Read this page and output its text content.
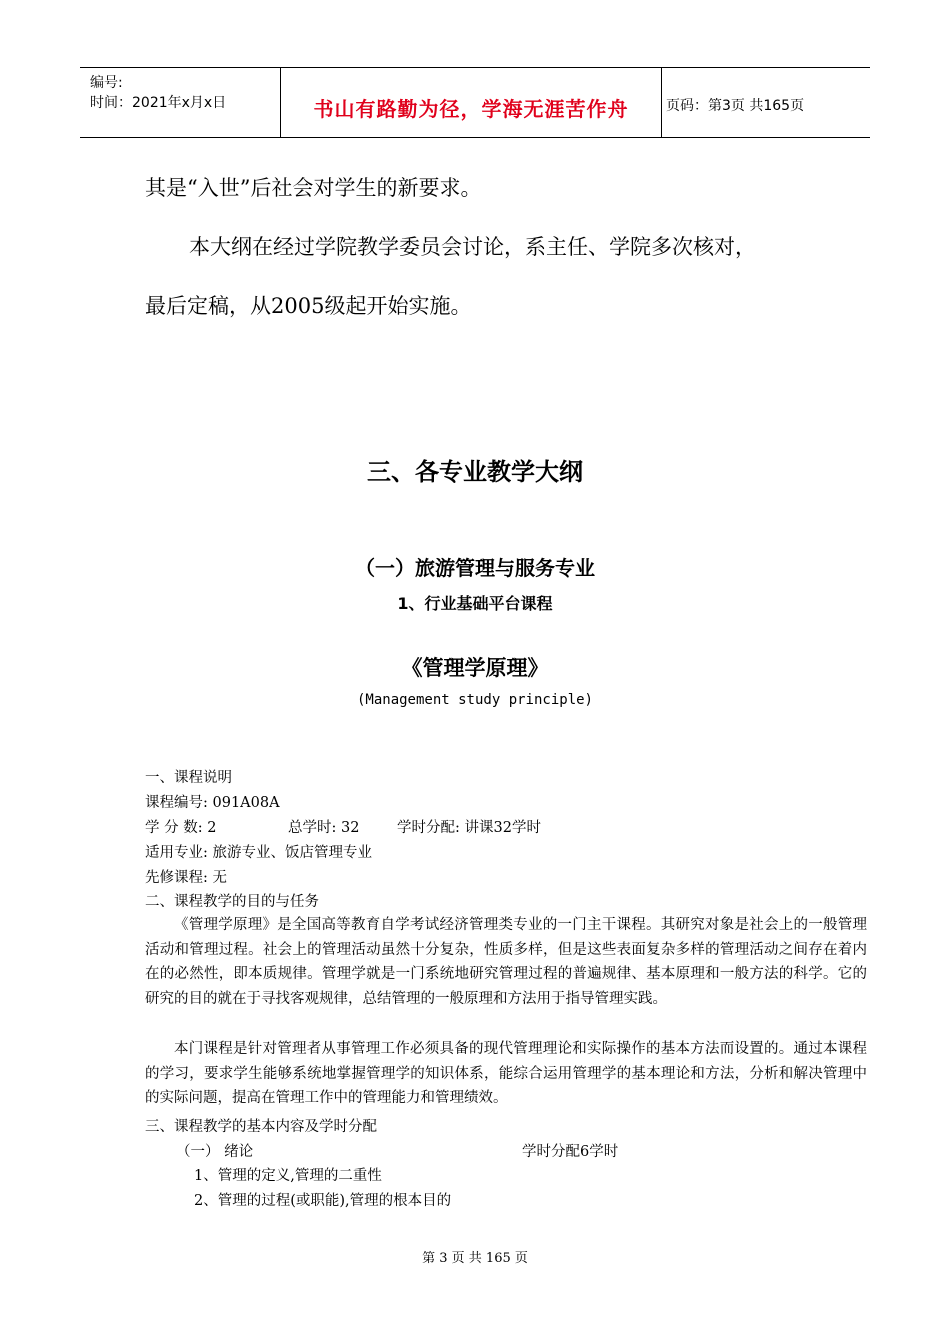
编号:
时间：2021年x月x日	书山有路勤为径，学海无涯苦作舟	页码：第3页 共165页
其是“入世”后社会对学生的新要求。
本大纲在经过学院教学委员会讨论，系主任、学院多次核对，
最后定稿，从2005级起开始实施。
三、各专业教学大纲
（一）旅游管理与服务专业
1、行业基础平台课程
《管理学原理》
(Management study principle)
一、课程说明
课程编号: 091A08A
学 分 数: 2	总学时: 32	学时分配: 讲课32学时
适用专业: 旅游专业、饭店管理专业
先修课程: 无
二、课程教学的目的与任务
《管理学原理》是全国高等教育自学考试经济管理类专业的一门主干课程。其研究对象是社会上的一般管理活动和管理过程。社会上的管理活动虽然十分复杂，性质多样，但是这些表面复杂多样的管理活动之间存在着内在的必然性，即本质规律。管理学就是一门系统地研究管理过程的普遍规律、基本原理和一般方法的科学。它的研究的目的就在于寻找客观规律，总结管理的一般原理和方法用于指导管理实践。
本门课程是针对管理者从事管理工作必须具备的现代管理理论和实际操作的基本方法而设置的。通过本课程的学习，要求学生能够系统地掌握管理学的知识体系，能综合运用管理学的基本理论和方法，分析和解决管理中的实际问题，提高在管理工作中的管理能力和管理绩效。
三、课程教学的基本内容及学时分配
（一） 绪论	学时分配6学时
1、管理的定义,管理的二重性
2、管理的过程(或职能),管理的根本目的
第 3 页 共 165 页
